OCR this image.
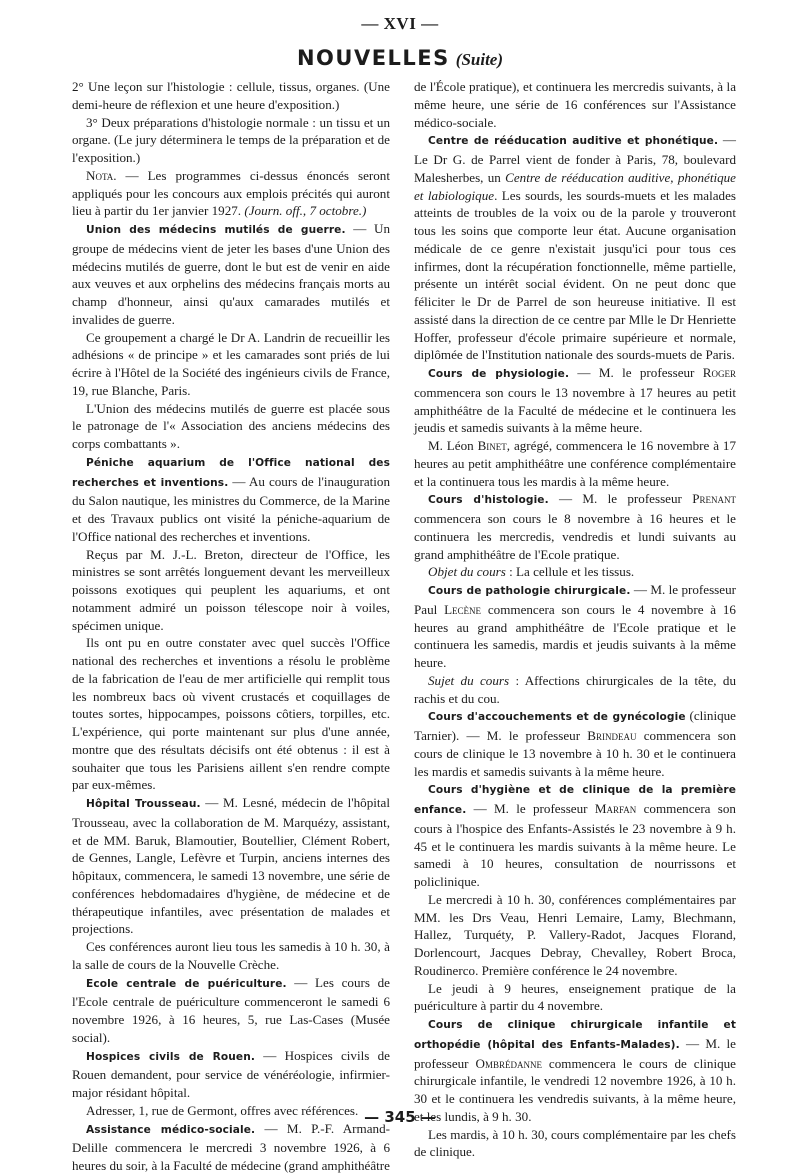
— XVI —
NOUVELLES (Suite)

2° Une leçon sur l'histologie : cellule, tissus, organes. (Une demi-heure de réflexion et une heure d'exposition.)

3° Deux préparations d'histologie normale : un tissu et un organe. (Le jury déterminera le temps de la préparation et de l'exposition.)

Nota. — Les programmes ci-dessus énoncés seront appliqués pour les concours aux emplois précités qui auront lieu à partir du 1er janvier 1927. (Journ. off., 7 octobre.)

Union des médecins mutilés de guerre. — Un groupe de médecins vient de jeter les bases d'une Union des médecins mutilés de guerre, dont le but est de venir en aide aux veuves et aux orphelins des médecins français morts au champ d'honneur, ainsi qu'aux camarades mutilés et invalides de guerre.

Ce groupement a chargé le Dr A. Landrin de recueillir les adhésions « de principe » et les camarades sont priés de lui écrire à l'Hôtel de la Société des ingénieurs civils de France, 19, rue Blanche, Paris.

L'Union des médecins mutilés de guerre est placée sous le patronage de l'« Association des anciens médecins des corps combattants ».

Péniche aquarium de l'Office national des recherches et inventions. — Au cours de l'inauguration du Salon nautique, les ministres du Commerce, de la Marine et des Travaux publics ont visité la péniche-aquarium de l'Office national des recherches et inventions.

Reçus par M. J.-L. Breton, directeur de l'Office, les ministres se sont arrêtés longuement devant les merveilleux poissons exotiques qui peuplent les aquariums, et ont notamment admiré un poisson télescope noir à voiles, spécimen unique.

Ils ont pu en outre constater avec quel succès l'Office national des recherches et inventions a résolu le problème de la fabrication de l'eau de mer artificielle qui remplit tous les nombreux bacs où vivent crustacés et coquillages de toutes sortes, hippocampes, poissons côtiers, torpilles, etc. L'expérience, qui porte maintenant sur plus d'une année, montre que des résultats décisifs ont été obtenus : il est à souhaiter que tous les Parisiens aillent s'en rendre compte par eux-mêmes.

Hôpital Trousseau. — M. Lesné, médecin de l'hôpital Trousseau, avec la collaboration de M. Marquézy, assistant, et de MM. Baruk, Blamoutier, Boutellier, Clément Robert, de Gennes, Langle, Lefèvre et Turpin, anciens internes des hôpitaux, commencera, le samedi 13 novembre, une série de conférences hebdomadaires d'hygiène, de médecine et de thérapeutique infantiles, avec présentation de malades et projections.

Ces conférences auront lieu tous les samedis à 10 h. 30, à la salle de cours de la Nouvelle Crèche.

Ecole centrale de puériculture. — Les cours de l'Ecole centrale de puériculture commenceront le samedi 6 novembre 1926, à 16 heures, 5, rue Las-Cases (Musée social).

Hospices civils de Rouen. — Hospices civils de Rouen demandent, pour service de vénéréologie, infirmier-major résidant hôpital.

Adresser, 1, rue de Germont, offres avec références.

Assistance médico-sociale. — M. P.-F. Armand-Delille commencera le mercredi 3 novembre 1926, à 6 heures du soir, à la Faculté de médecine (grand amphithéâtre

de l'École pratique), et continuera les mercredis suivants, à la même heure, une série de 16 conférences sur l'Assistance médico-sociale.

Centre de rééducation auditive et phonétique. — Le Dr G. de Parrel vient de fonder à Paris, 78, boulevard Malesherbes, un Centre de rééducation auditive, phonétique et labiologique. Les sourds, les sourds-muets et les malades atteints de troubles de la voix ou de la parole y trouveront tous les soins que comporte leur état. Aucune organisation médicale de ce genre n'existait jusqu'ici pour tous ces infirmes, dont la récupération fonctionnelle, même partielle, présente un intérêt social évident. On ne peut donc que féliciter le Dr de Parrel de son heureuse initiative. Il est assisté dans la direction de ce centre par Mlle le Dr Henriette Hoffer, professeur d'école primaire supérieure et normale, diplômée de l'Institution nationale des sourds-muets de Paris.

Cours de physiologie. — M. le professeur Roger commencera son cours le 13 novembre à 17 heures au petit amphithéâtre de la Faculté de médecine et le continuera les jeudis et samedis suivants à la même heure.

M. Léon Binet, agrégé, commencera le 16 novembre à 17 heures au petit amphithéâtre une conférence complémentaire et la continuera tous les mardis à la même heure.

Cours d'histologie. — M. le professeur Prenant commencera son cours le 8 novembre à 16 heures et le continuera les mercredis, vendredis et lundi suivants au grand amphithéâtre de l'Ecole pratique.

Objet du cours : La cellule et les tissus.

Cours de pathologie chirurgicale. — M. le professeur Paul Lecène commencera son cours le 4 novembre à 16 heures au grand amphithéâtre de l'Ecole pratique et le continuera les samedis, mardis et jeudis suivants à la même heure.

Sujet du cours : Affections chirurgicales de la tête, du rachis et du cou.

Cours d'accouchements et de gynécologie (clinique Tarnier). — M. le professeur Brindeau commencera son cours de clinique le 13 novembre à 10 h. 30 et le continuera les mardis et samedis suivants à la même heure.

Cours d'hygiène et de clinique de la première enfance. — M. le professeur Marfan commencera son cours à l'hospice des Enfants-Assistés le 23 novembre à 9 h. 45 et le continuera les mardis suivants à la même heure. Le samedi à 10 heures, consultation de nourrissons et policlinique.

Le mercredi à 10 h. 30, conférences complémentaires par MM. les Drs Veau, Henri Lemaire, Lamy, Blechmann, Hallez, Turquéty, P. Vallery-Radot, Jacques Florand, Dorlencourt, Jacques Debray, Chevalley, Robert Broca, Roudinerco. Première conférence le 24 novembre.

Le jeudi à 9 heures, enseignement pratique de la puériculture à partir du 4 novembre.

Cours de clinique chirurgicale infantile et orthopédie (hôpital des Enfants-Malades). — M. le professeur Ombrédanne commencera le cours de clinique chirurgicale infantile, le vendredi 12 novembre 1926, à 10 h. 30 et le continuera les vendredis suivants, à la même heure, et les lundis, à 9 h. 30.

Les mardis, à 10 h. 30, cours complémentaire par les chefs de clinique.

— 345 —
